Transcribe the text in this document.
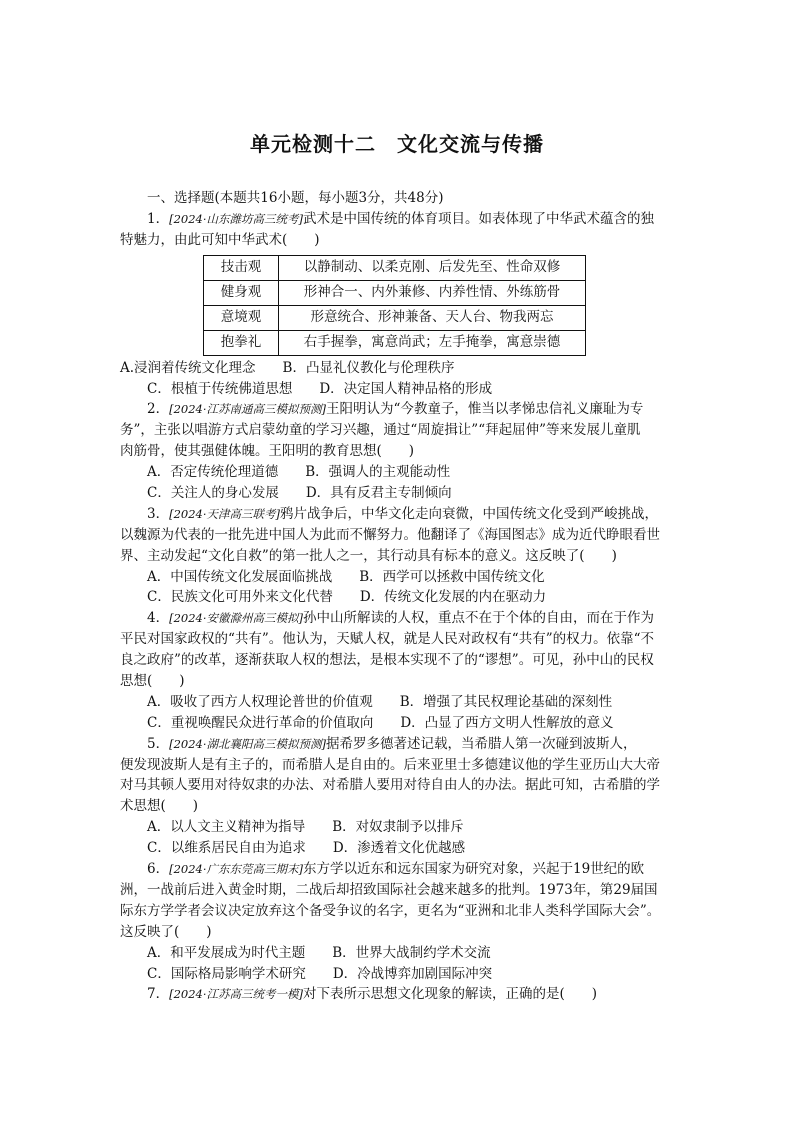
单元检测十二　文化交流与传播
一、选择题(本题共16小题，每小题3分，共48分)
1．[2024·山东潍坊高三统考]武术是中国传统的体育项目。如表体现了中华武术蕴含的独
特魅力，由此可知中华武术(　　)
技击观	以静制动、以柔克刚、后发先至、性命双修
健身观	形神合一、内外兼修、内养性情、外练筋骨
意境观	形意统合、形神兼备、天人台、物我两忘
抱拳礼	右手握拳，寓意尚武；左手掩拳，寓意崇德
A.浸润着传统文化理念　　B．凸显礼仪教化与伦理秩序
C．根植于传统佛道思想　　D．决定国人精神品格的形成
2．[2024·江苏南通高三模拟预测]王阳明认为“今教童子，惟当以孝悌忠信礼义廉耻为专
务”，主张以唱游方式启蒙幼童的学习兴趣，通过“周旋揖让”“拜起屈伸”等来发展儿童肌
肉筋骨，使其强健体魄。王阳明的教育思想(　　)
A．否定传统伦理道德　　B．强调人的主观能动性
C．关注人的身心发展　　D．具有反君主专制倾向
3．[2024·天津高三联考]鸦片战争后，中华文化走向衰微，中国传统文化受到严峻挑战，
以魏源为代表的一批先进中国人为此而不懈努力。他翻译了《海国图志》成为近代睁眼看世
界、主动发起“文化自救”的第一批人之一，其行动具有标本的意义。这反映了(　　)
A．中国传统文化发展面临挑战　　B．西学可以拯救中国传统文化
C．民族文化可用外来文化代替　　D．传统文化发展的内在驱动力
4．[2024·安徽滁州高三模拟]孙中山所解读的人权，重点不在于个体的自由，而在于作为
平民对国家政权的“共有”。他认为，天赋人权，就是人民对政权有“共有”的权力。依靠“不
良之政府”的改革，逐渐获取人权的想法，是根本实现不了的“谬想”。可见，孙中山的民权
思想(　　)
A．吸收了西方人权理论普世的价值观　　B．增强了其民权理论基础的深刻性
C．重视唤醒民众进行革命的价值取向　　D．凸显了西方文明人性解放的意义
5．[2024·湖北襄阳高三模拟预测]据希罗多德著述记载，当希腊人第一次碰到波斯人，
便发现波斯人是有主子的，而希腊人是自由的。后来亚里士多德建议他的学生亚历山大大帝
对马其顿人要用对待奴隶的办法、对希腊人要用对待自由人的办法。据此可知，古希腊的学
术思想(　　)
A．以人文主义精神为指导　　B．对奴隶制予以排斥
C．以维系居民自由为追求　　D．渗透着文化优越感
6．[2024·广东东莞高三期末]东方学以近东和远东国家为研究对象，兴起于19世纪的欧
洲，一战前后进入黄金时期，二战后却招致国际社会越来越多的批判。1973年，第29届国
际东方学学者会议决定放弃这个备受争议的名字，更名为“亚洲和北非人类科学国际大会”。
这反映了(　　)
A．和平发展成为时代主题　　B．世界大战制约学术交流
C．国际格局影响学术研究　　D．冷战博弈加剧国际冲突
7．[2024·江苏高三统考一模]对下表所示思想文化现象的解读，正确的是(　　)
